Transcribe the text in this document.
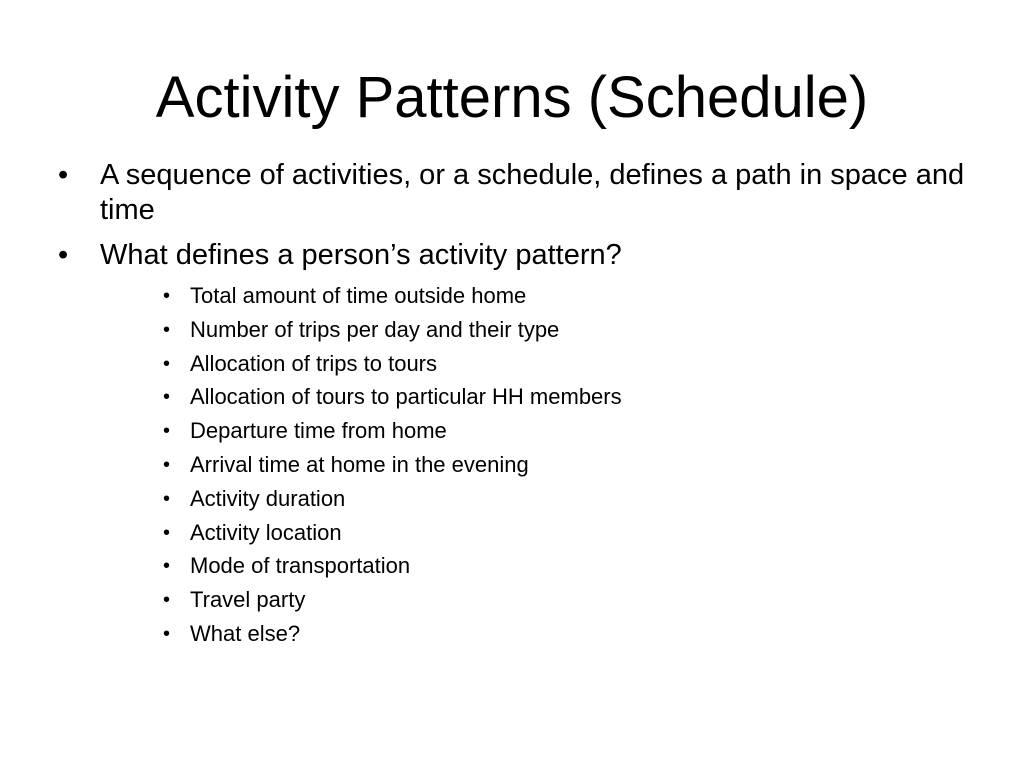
Activity Patterns (Schedule)
• A sequence of activities, or a schedule, defines a path in space and time
• What defines a person’s activity pattern?
• Total amount of time outside home
• Number of trips per day and their type
• Allocation of trips to tours
• Allocation of tours to particular HH members
• Departure time from home
• Arrival time at home in the evening
• Activity duration
• Activity location
• Mode of transportation
• Travel party
• What else?
